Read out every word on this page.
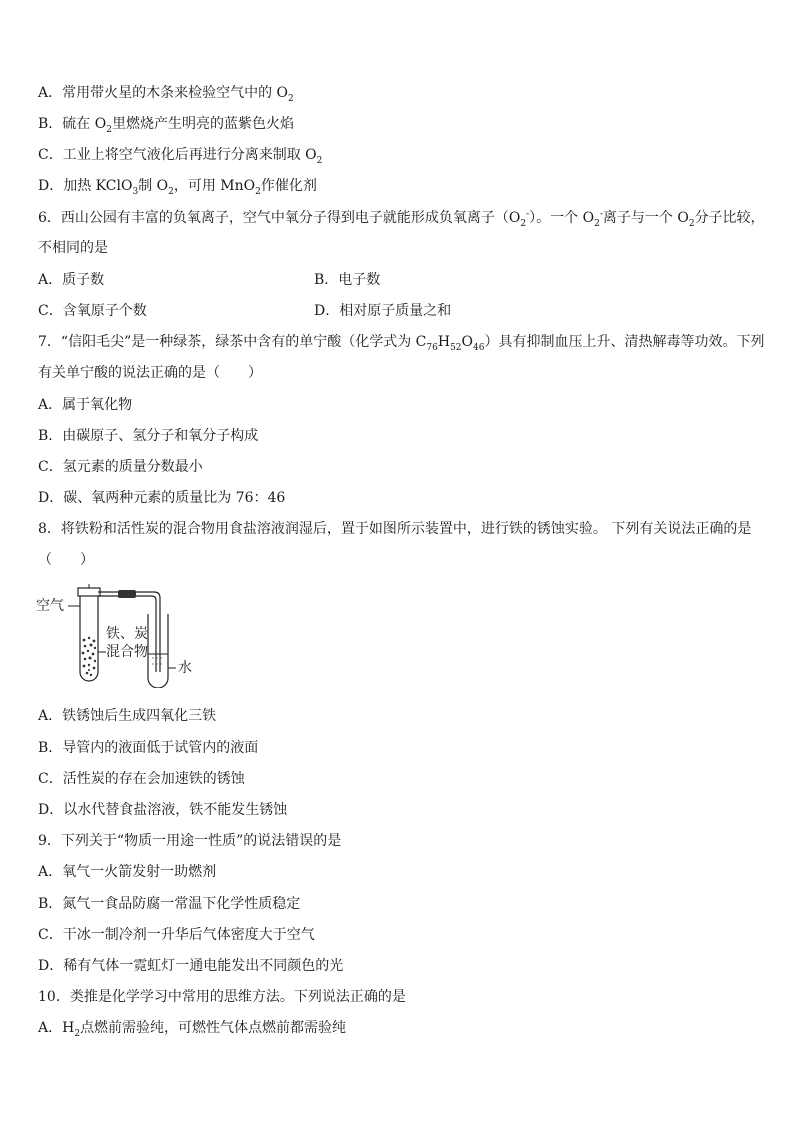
A．常用带火星的木条来检验空气中的 $O_2$
B．硫在 $O_2$里燃烧产生明亮的蓝紫色火焰
C．工业上将空气液化后再进行分离来制取 $O_2$
D．加热 KClO$_3$制 $O_2$，可用 MnO$_2$作催化剂
6．西山公园有丰富的负氧离子，空气中氧分子得到电子就能形成负氧离子$(O_2^-)$。一个 $O_2^-$离子与一个 $O_2$分子比较，
不相同的是
A．质子数	B．电子数
C．含氧原子个数	D．相对原子质量之和
7．“信阳毛尖”是一种绿茶，绿茶中含有的单宁酸（化学式为 $C_{76}H_{52}O_{46}$）具有抑制血压上升、清热解毒等功效。下列
有关单宁酸的说法正确的是（　　）
A．属于氧化物
B．由碳原子、氢分子和氧分子构成
C．氢元素的质量分数最小
D．碳、氧两种元素的质量比为 76：46
8．将铁粉和活性炭的混合物用食盐溶液润湿后，置于如图所示装置中，进行铁的锈蚀实验。 下列有关说法正确的是
（　　）
空气
铁、炭
混合物
水
A．铁锈蚀后生成四氧化三铁
B．导管内的液面低于试管内的液面
C．活性炭的存在会加速铁的锈蚀
D．以水代替食盐溶液，铁不能发生锈蚀
9．下列关于“物质一用途一性质”的说法错误的是
A．氧气一火箭发射一助燃剂
B．氮气一食品防腐一常温下化学性质稳定
C．干冰一制冷剂一升华后气体密度大于空气
D．稀有气体一霓虹灯一通电能发出不同颜色的光
10．类推是化学学习中常用的思维方法。下列说法正确的是
A．$H_2$点燃前需验纯，可燃性气体点燃前都需验纯
